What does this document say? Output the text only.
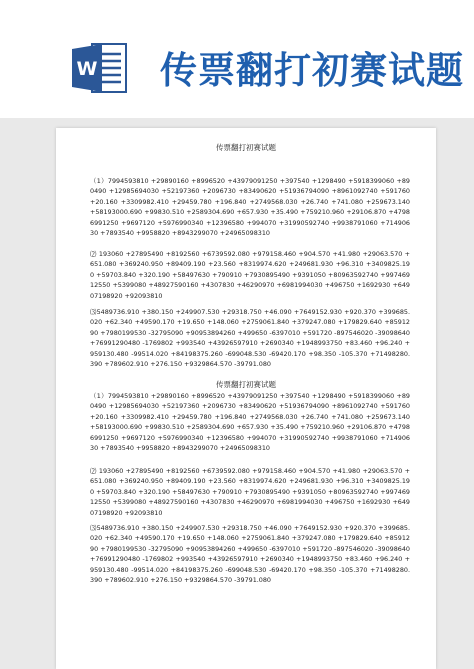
W 传票翻打初赛试题
传票翻打初赛试题
（1）7994593810 +29890160 +8996520 +43979091250 +397540 +1298490 +5918399060 +890490 +12985694030 +52197360 +2096730 +83490620 +51936794090 +8961092740 +591760 +20.160 +3309982.410 +29459.780 +196.840 +2749568.030 +26.740 +741.080 +259673.140 +58193000.690 +99830.510 +2589304.690 +657.930 +35.490 +759210.960 +29106.870 +47986991250 +9697120 +5976990340 +12396580 +994070 +31990592740 +9938791060 +71490630 +7893540 +9958820 +8943299070 +24965098310
⑵ 193060 +27895490 +8192560 +6739592.080 +979158.460 +904.570 +41.980 +29063.570 +651.080 +369240.950 +89409.190 +23.560 +8319974.620 +249681.930 +96.310 +3409825.190 +59703.840 +320.190 +58497630 +790910 +7930895490 +9391050 +80963592740 +99746912550 +5399080 +48927590160 +4307830 +46290970 +6981994030 +496750 +1692930 +64907198920 +92093810
⑶5489736.910 +380.150 +249907.530 +29318.750 +46.090 +7649152.930 +920.370 +399685.020 +62.340 +49590.170 +19.650 +148.060 +2759061.840 +379247.080 +179829.640 +8591290 +7980199530 -32795090 +90953894260 +499650 -6397010 +591720 -897546020 -39098640 +76991290480 -1769802 +993540 +43926597910 +2690340 +1948993750 +83.460 +96.240 +959130.480 -99514.020 +84198375.260 -699048.530 -69420.170 +98.350 -105.370 +71498280.390 +789602.910 +276.150 +9329864.570 -39791.080
传票翻打初赛试题
（1）7994593810 +29890160 +8996520 +43979091250 +397540 +1298490 +5918399060 +890490 +12985694030 +52197360 +2096730 +83490620 +51936794090 +8961092740 +591760 +20.160 +3309982.410 +29459.780 +196.840 +2749568.030 +26.740 +741.080 +259673.140 +58193000.690 +99830.510 +2589304.690 +657.930 +35.490 +759210.960 +29106.870 +47986991250 +9697120 +5976990340 +12396580 +994070 +31990592740 +9938791060 +71490630 +7893540 +9958820 +8943299070 +24965098310
⑵ 193060 +27895490 +8192560 +6739592.080 +979158.460 +904.570 +41.980 +29063.570 +651.080 +369240.950 +89409.190 +23.560 +8319974.620 +249681.930 +96.310 +3409825.190 +59703.840 +320.190 +58497630 +790910 +7930895490 +9391050 +80963592740 +99746912550 +5399080 +48927590160 +4307830 +46290970 +6981994030 +496750 +1692930 +64907198920 +92093810
⑶5489736.910 +380.150 +249907.530 +29318.750 +46.090 +7649152.930 +920.370 +399685.020 +62.340 +49590.170 +19.650 +148.060 +2759061.840 +379247.080 +179829.640 +8591290 +7980199530 -32795090 +90953894260 +499650 -6397010 +591720 -897546020 -39098640 +76991290480 -1769802 +993540 +43926597910 +2690340 +1948993750 +83.460 +96.240 +959130.480 -99514.020 +84198375.260 -699048.530 -69420.170 +98.350 -105.370 +71498280.390 +789602.910 +276.150 +9329864.570 -39791.080
